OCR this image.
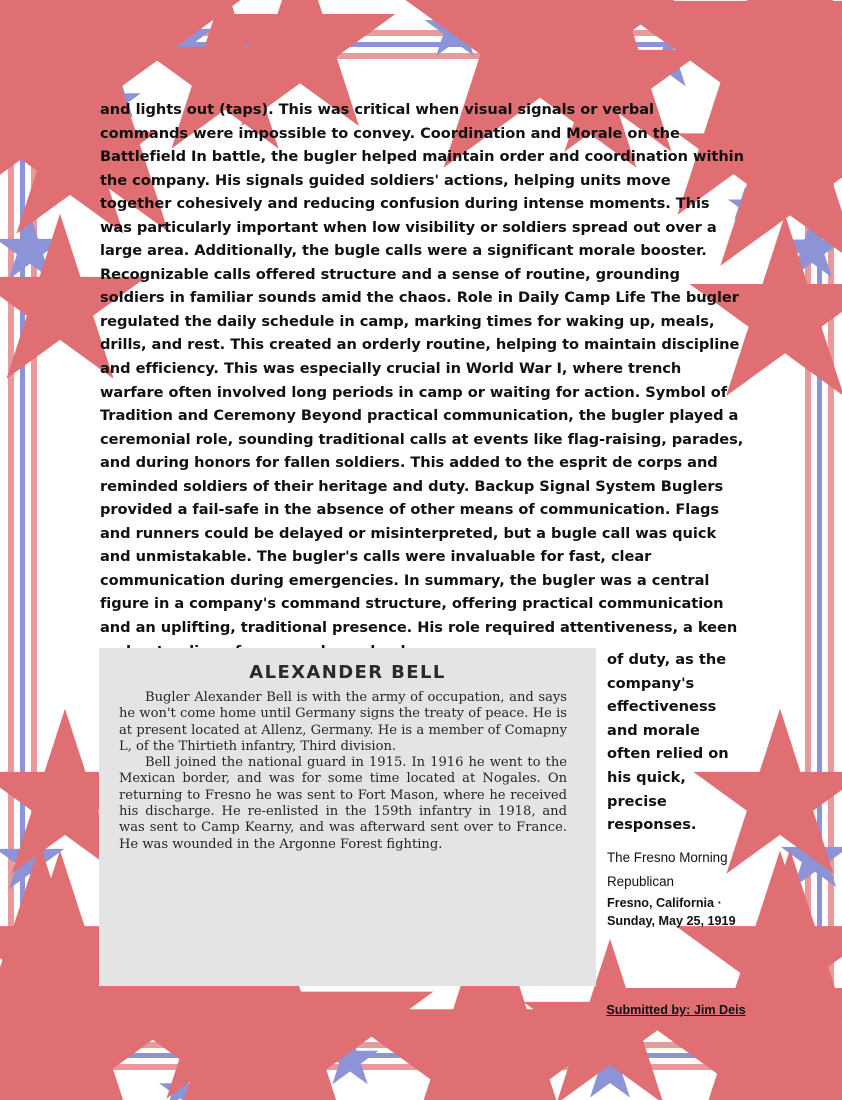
and lights out (taps). This was critical when visual signals or verbal commands were impossible to convey. Coordination and Morale on the Battlefield In battle, the bugler helped maintain order and coordination within the company. His signals guided soldiers' actions, helping units move together cohesively and reducing confusion during intense moments. This was particularly important when low visibility or soldiers spread out over a large area. Additionally, the bugle calls were a significant morale booster. Recognizable calls offered structure and a sense of routine, grounding soldiers in familiar sounds amid the chaos. Role in Daily Camp Life The bugler regulated the daily schedule in camp, marking times for waking up, meals, drills, and rest. This created an orderly routine, helping to maintain discipline and efficiency. This was especially crucial in World War I, where trench warfare often involved long periods in camp or waiting for action. Symbol of Tradition and Ceremony Beyond practical communication, the bugler played a ceremonial role, sounding traditional calls at events like flag-raising, parades, and during honors for fallen soldiers. This added to the esprit de corps and reminded soldiers of their heritage and duty. Backup Signal System Buglers provided a fail-safe in the absence of other means of communication. Flags and runners could be delayed or misinterpreted, but a bugle call was quick and unmistakable. The bugler's calls were invaluable for fast, clear communication during emergencies. In summary, the bugler was a central figure in a company's command structure, offering practical communication and an uplifting, traditional presence. His role required attentiveness, a keen
ALEXANDER BELL

Bugler Alexander Bell is with the army of occupation, and says he won't come home until Germany signs the treaty of peace. He is at present located at Allenz, Germany. He is a member of Comapny L, of the Thirtieth infantry, Third division.

Bell joined the national guard in 1915. In 1916 he went to the Mexican border, and was for some time located at Nogales. On returning to Fresno he was sent to Fort Mason, where he received his discharge. He re-enlisted in the 159th infantry in 1918, and was sent to Camp Kearny, and was afterward sent over to France. He was wounded in the Argonne Forest fighting.

of duty, as the company's effectiveness and morale often relied on his quick, precise responses.
The Fresno Morning Republican
Fresno, California · Sunday, May 25, 1919
Submitted by: Jim Deis
